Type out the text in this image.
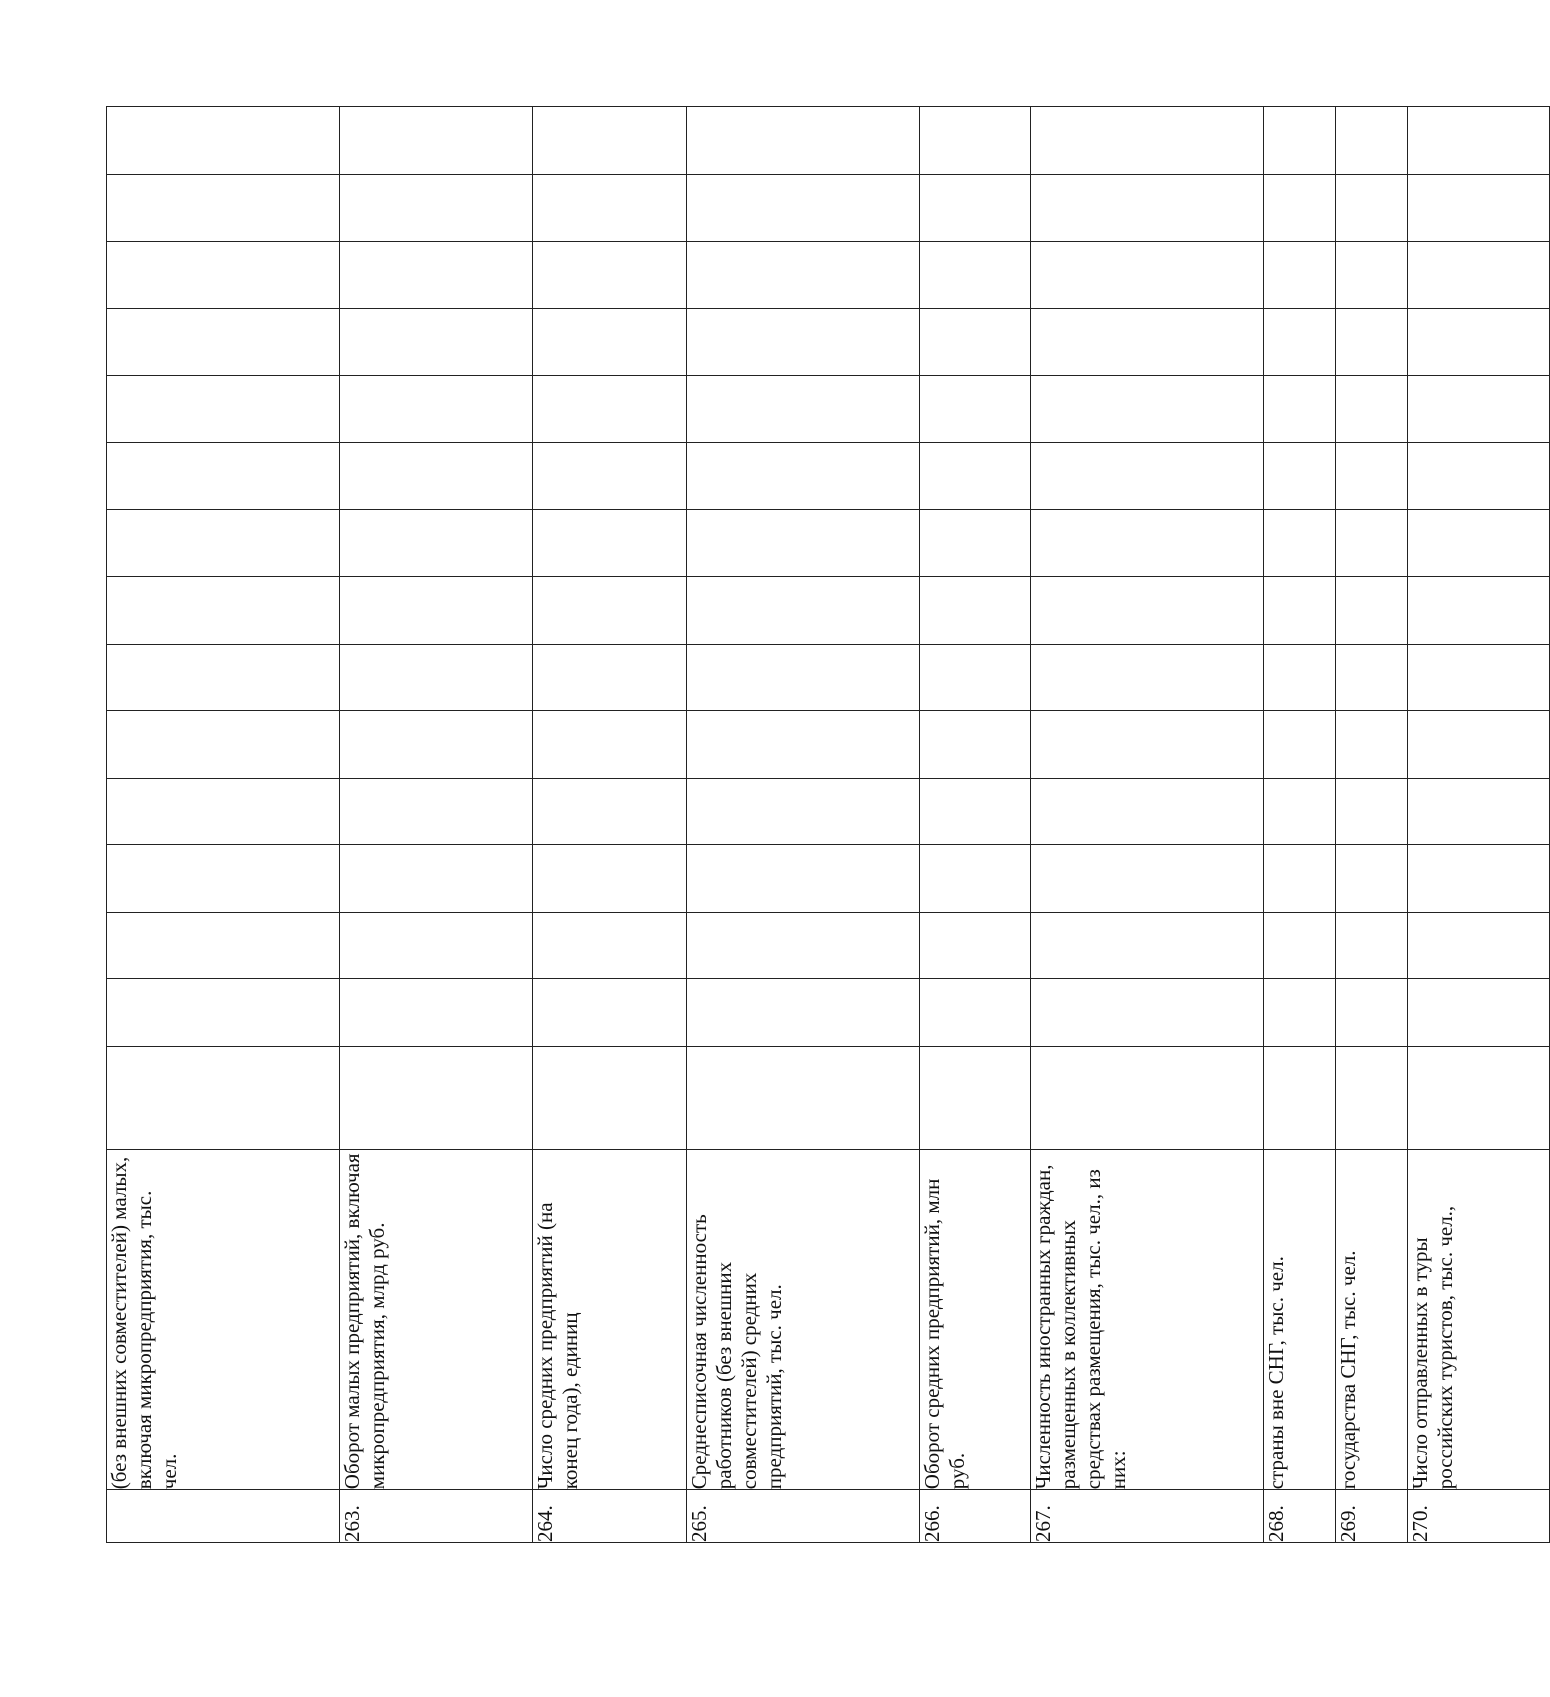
	(без внешних совместителей) малых, включая микропредприятия, тыс. чел.															
263.	Оборот малых предприятий, включая микропредприятия, млрд руб.															
264.	Число средних предприятий (на конец года), единиц															
265.	Среднесписочная численность работников (без внешних совместителей) средних предприятий, тыс. чел.															
266.	Оборот средних предприятий, млн руб.															
267.	Численность иностранных граждан, размещенных в коллективных средствах размещения, тыс. чел., из них:															
268.	страны вне СНГ, тыс. чел.															
269.	государства СНГ, тыс. чел.															
270.	Число отправленных в туры российских туристов, тыс. чел.,															
